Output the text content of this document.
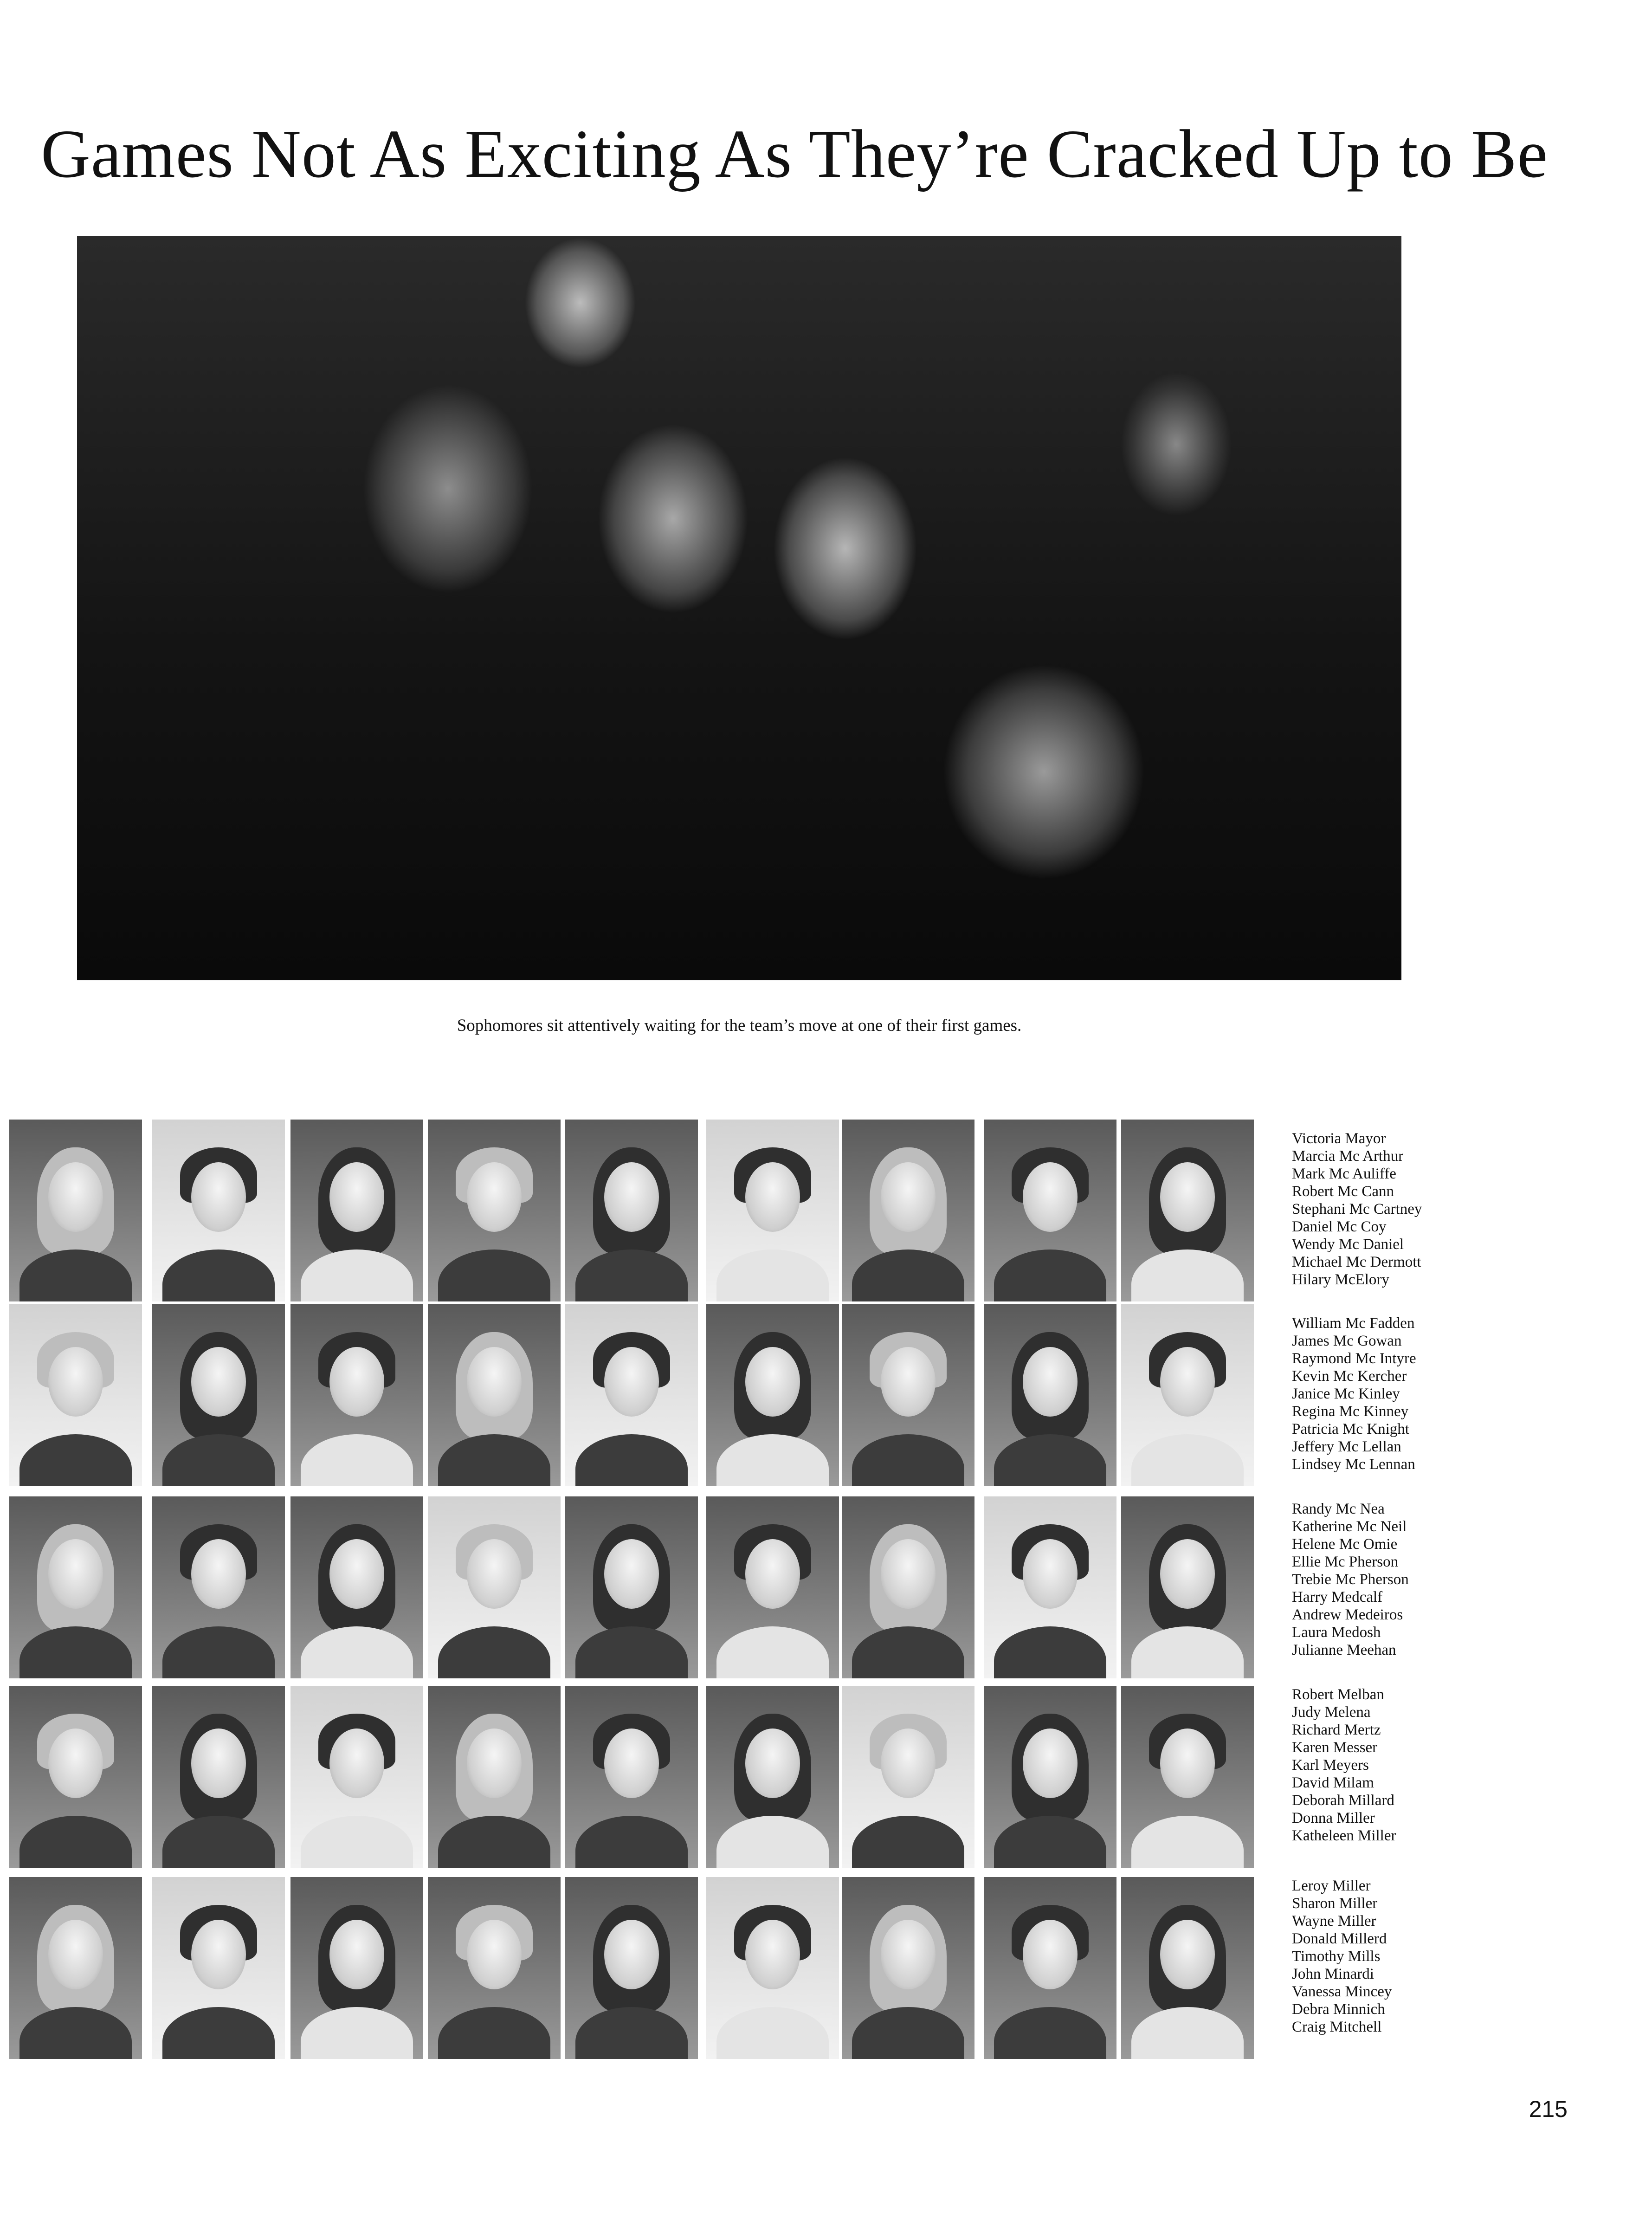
Games Not As Exciting As They’re Cracked Up to Be

Sophomores sit attentively waiting for the team’s move at one of their first games.

215
Victoria Mayor
Marcia Mc Arthur
Mark Mc Auliffe
Robert Mc Cann
Stephani Mc Cartney
Daniel Mc Coy
Wendy Mc Daniel
Michael Mc Dermott
Hilary McElory
William Mc Fadden
James Mc Gowan
Raymond Mc Intyre
Kevin Mc Kercher
Janice Mc Kinley
Regina Mc Kinney
Patricia Mc Knight
Jeffery Mc Lellan
Lindsey Mc Lennan
Randy Mc Nea
Katherine Mc Neil
Helene Mc Omie
Ellie Mc Pherson
Trebie Mc Pherson
Harry Medcalf
Andrew Medeiros
Laura Medosh
Julianne Meehan
Robert Melban
Judy Melena
Richard Mertz
Karen Messer
Karl Meyers
David Milam
Deborah Millard
Donna Miller
Katheleen Miller
Leroy Miller
Sharon Miller
Wayne Miller
Donald Millerd
Timothy Mills
John Minardi
Vanessa Mincey
Debra Minnich
Craig Mitchell
